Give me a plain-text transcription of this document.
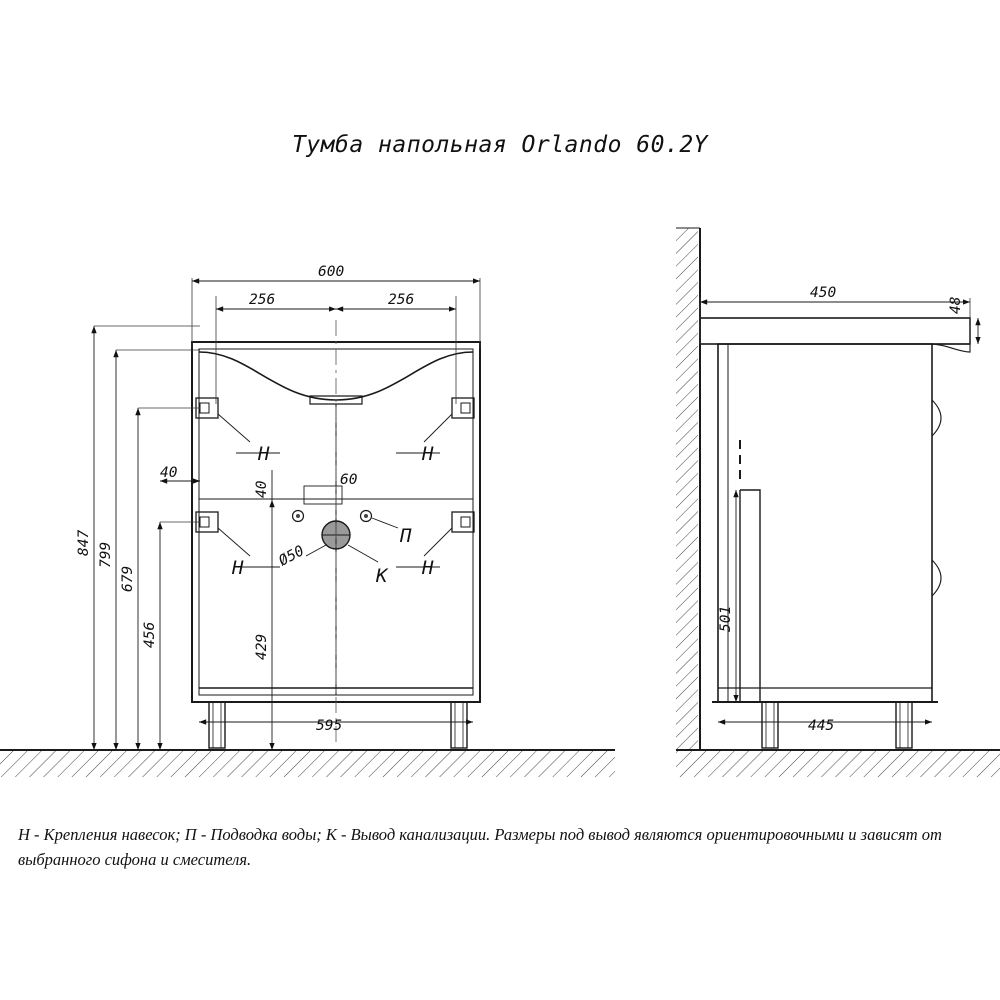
Тумба напольная Orlando 60.2Y
Н	Н
Н	Н
П
К
600
256	256
595
847 799
679
456	429
40
40
60
Ø50
450
48
501
445
Н - Крепления навесок; П - Подводка воды; К - Вывод канализации. Размеры под вывод являются ориентировочными и зависят от выбранного сифона и смесителя.
